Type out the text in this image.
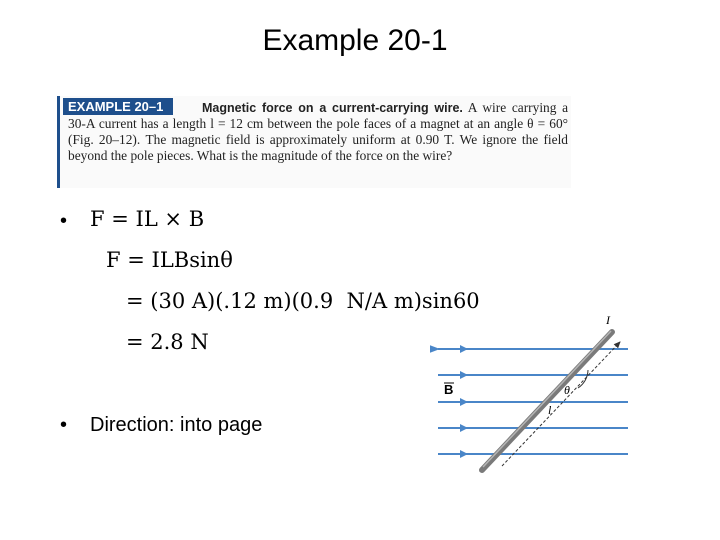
Example 20-1
Magnetic force on a current-carrying wire. A wire carrying a 30-A current has a length l = 12 cm between the pole faces of a magnet at an angle θ = 60° (Fig. 20–12). The magnetic field is approximately uniform at 0.90 T. We ignore the field beyond the pole pieces. What is the magnitude of the force on the wire?
EXAMPLE 20–1
• F = IL × B
F = ILBsinθ
= (30 A)(.12 m)(0.9  N/A m)sin60
= 2.8 N
• Direction: into page
B
I
θ
l
